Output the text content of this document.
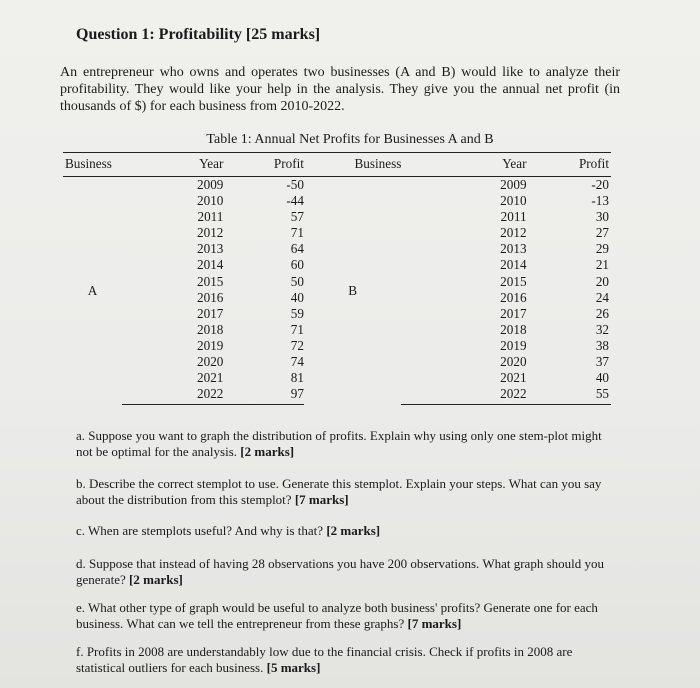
Question 1: Profitability [25 marks]
An entrepreneur who owns and operates two businesses (A and B) would like to analyze their profitability. They would like your help in the analysis. They give you the annual net profit (in thousands of $) for each business from 2010-2022.
Table 1: Annual Net Profits for Businesses A and B
Business	Year	Profit	Business	Year	Profit
A	2009	-50	B	2009	-20
	2010	-44		2010	-13
	2011	57		2011	30
	2012	71		2012	27
	2013	64		2013	29
	2014	60		2014	21
	2015	50		2015	20
	2016	40		2016	24
	2017	59		2017	26
	2018	71		2018	32
	2019	72		2019	38
	2020	74		2020	37
	2021	81		2021	40
	2022	97		2022	55
a. Suppose you want to graph the distribution of profits. Explain why using only one stem-plot might not be optimal for the analysis. [2 marks]
b. Describe the correct stemplot to use. Generate this stemplot. Explain your steps. What can you say about the distribution from this stemplot? [7 marks]
c. When are stemplots useful? And why is that? [2 marks]
d. Suppose that instead of having 28 observations you have 200 observations. What graph should you generate? [2 marks]
e. What other type of graph would be useful to analyze both business' profits? Generate one for each business. What can we tell the entrepreneur from these graphs? [7 marks]
f. Profits in 2008 are understandably low due to the financial crisis. Check if profits in 2008 are statistical outliers for each business. [5 marks]
